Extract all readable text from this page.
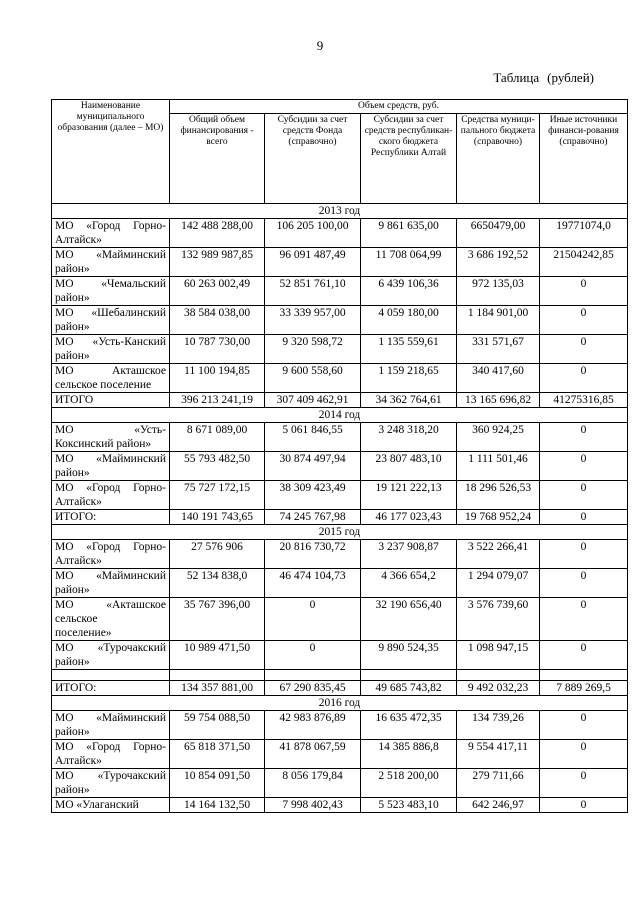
9
Таблица (рублей)
Наименование муниципального образования (далее – МО)	Объем средств, руб.				
	Общий объем финансирования - всего	Субсидии за счет средств Фонда (справочно)	Субсидии за счет средств республикан-ского бюджета Республики Алтай	Средства муници-пального бюджета (справочно)	Иные источники финанси-рования (справочно)
2013 год					

МО «Город Горно-
Алтайск»	142 488 288,00	106 205 100,00	9 861 635,00	6650479,00	19771074,0

МО «Майминский
район»	132 989 987,85	96 091 487,49	11 708 064,99	3 686 192,52	21504242,85

МО «Чемальский
район»	60 263 002,49	52 851 761,10	6 439 106,36	972 135,03	0

МО «Шебалинский
район»	38 584 038,00	33 339 957,00	4 059 180,00	1 184 901,00	0

МО «Усть-Канский
район»	10 787 730,00	9 320 598,72	1 135 559,61	331 571,67	0

МО Акташское
сельское поселение	11 100 194,85	9 600 558,60	1 159 218,65	340 417,60	0

ИТОГО	396 213 241,19	307 409 462,91	34 362 764,61	13 165 696,82	41275316,85
2014 год					

МО «Усть-
Коксинский район»	8 671 089,00	5 061 846,55	3 248 318,20	360 924,25	0

МО «Майминский
район»	55 793 482,50	30 874 497,94	23 807 483,10	1 111 501,46	0

МО «Город Горно-
Алтайск»	75 727 172,15	38 309 423,49	19 121 222,13	18 296 526,53	0

ИТОГО:	140 191 743,65	74 245 767,98	46 177 023,43	19 768 952,24	0
2015 год					

МО «Город Горно-
Алтайск»	27 576 906	20 816 730,72	3 237 908,87	3 522 266,41	0

МО «Майминский
район»	52 134 838,0	46 474 104,73	4 366 654,2	1 294 079,07	0

МО «Акташское
сельское
поселение»	35 767 396,00	0	32 190 656,40	3 576 739,60	0

МО «Турочакский
район»	10 989 471,50	0	9 890 524,35	1 098 947,15	0

ИТОГО:	134 357 881,00	67 290 835,45	49 685 743,82	9 492 032,23	7 889 269,5
2016 год					

МО «Майминский
район»	59 754 088,50	42 983 876,89	16 635 472,35	134 739,26	0

МО «Город Горно-
Алтайск»	65 818 371,50	41 878 067,59	14 385 886,8	9 554 417,11	0

МО «Турочакский
район»	10 854 091,50	8 056 179,84	2 518 200,00	279 711,66	0

МО «Улаганский	14 164 132,50	7 998 402,43	5 523 483,10	642 246,97	0
